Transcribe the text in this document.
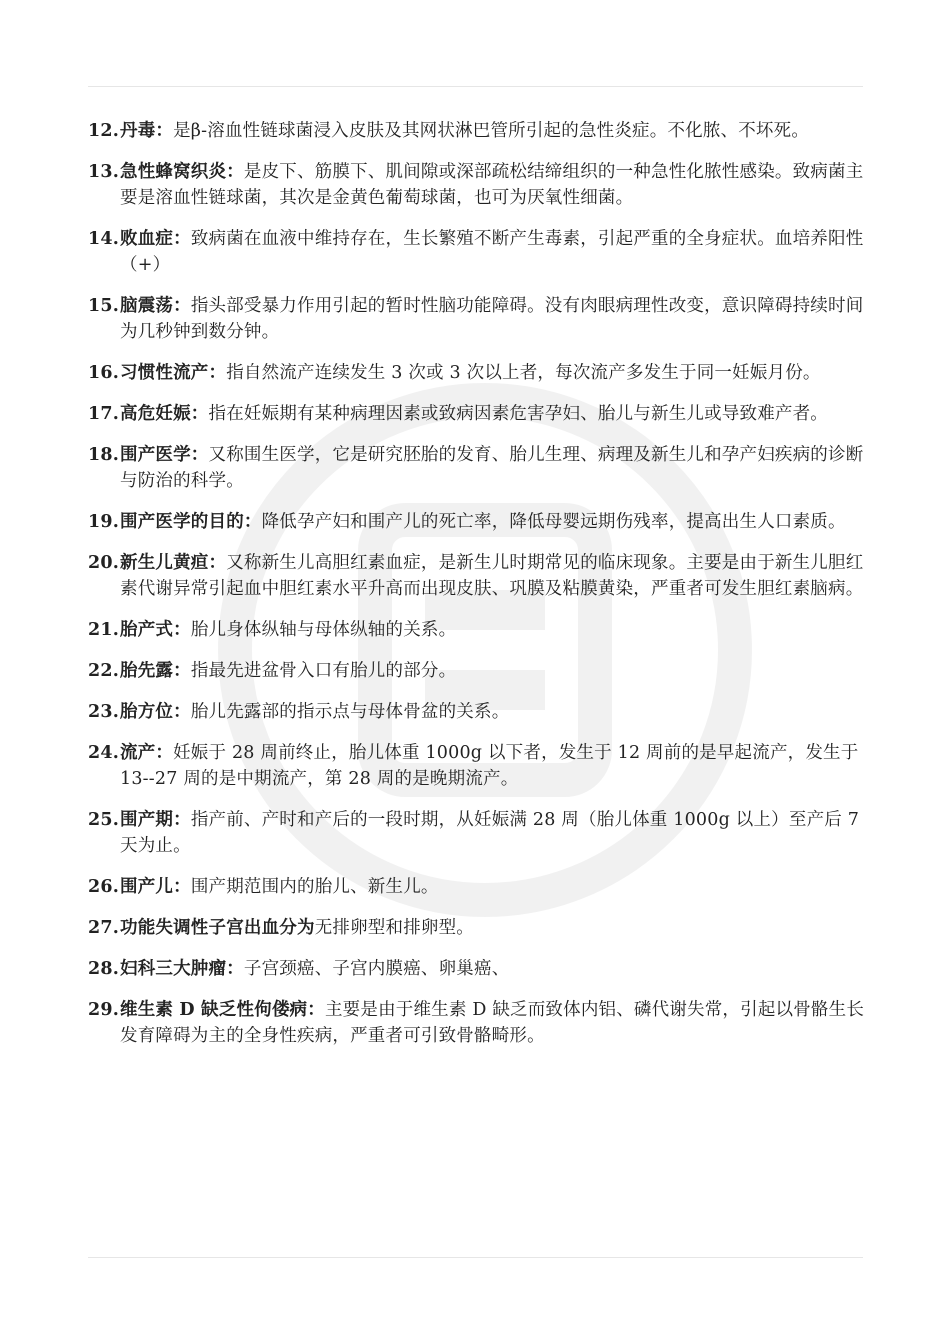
12. 丹毒：是β-溶血性链球菌浸入皮肤及其网状淋巴管所引起的急性炎症。不化脓、不坏死。
13. 急性蜂窝织炎：是皮下、筋膜下、肌间隙或深部疏松结缔组织的一种急性化脓性感染。致病菌主要是溶血性链球菌，其次是金黄色葡萄球菌，也可为厌氧性细菌。
14. 败血症：致病菌在血液中维持存在，生长繁殖不断产生毒素，引起严重的全身症状。血培养阳性（+）
15. 脑震荡：指头部受暴力作用引起的暂时性脑功能障碍。没有肉眼病理性改变，意识障碍持续时间为几秒钟到数分钟。
16. 习惯性流产：指自然流产连续发生 3 次或 3 次以上者，每次流产多发生于同一妊娠月份。
17. 高危妊娠：指在妊娠期有某种病理因素或致病因素危害孕妇、胎儿与新生儿或导致难产者。
18. 围产医学：又称围生医学，它是研究胚胎的发育、胎儿生理、病理及新生儿和孕产妇疾病的诊断与防治的科学。
19. 围产医学的目的：降低孕产妇和围产儿的死亡率，降低母婴远期伤残率，提高出生人口素质。
20. 新生儿黄疸：又称新生儿高胆红素血症，是新生儿时期常见的临床现象。主要是由于新生儿胆红素代谢异常引起血中胆红素水平升高而出现皮肤、巩膜及粘膜黄染，严重者可发生胆红素脑病。
21. 胎产式：胎儿身体纵轴与母体纵轴的关系。
22. 胎先露：指最先进盆骨入口有胎儿的部分。
23. 胎方位：胎儿先露部的指示点与母体骨盆的关系。
24. 流产：妊娠于 28 周前终止，胎儿体重 1000g 以下者，发生于 12 周前的是早起流产，发生于 13--27 周的是中期流产，第 28 周的是晚期流产。
25. 围产期：指产前、产时和产后的一段时期，从妊娠满 28 周（胎儿体重 1000g 以上）至产后 7 天为止。
26. 围产儿：围产期范围内的胎儿、新生儿。
27. 功能失调性子宫出血分为无排卵型和排卵型。
28. 妇科三大肿瘤：子宫颈癌、子宫内膜癌、卵巢癌、
29. 维生素 D 缺乏性佝偻病：主要是由于维生素 D 缺乏而致体内铝、磷代谢失常，引起以骨骼生长发育障碍为主的全身性疾病，严重者可引致骨骼畸形。
